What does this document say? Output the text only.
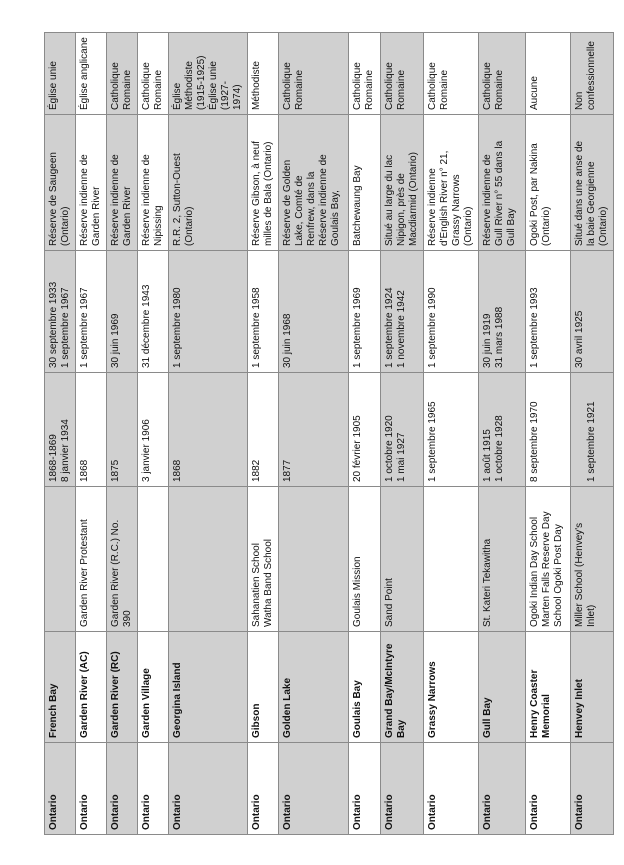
Ontario	French Bay		1868-1869
8 janvier 1934	30 septembre 1933
1 septembre 1967	Réserve de Saugeen
(Ontario)	Église unie
Ontario	Garden River (AC)	Garden River Protestant	1868	1 septembre 1967	Réserve indienne de
Garden River	Église anglicane
Ontario	Garden River (RC)	Garden River (R.C.) No.
390	1875	30 juin 1969	Réserve indienne de
Garden River	Catholique
Romaine
Ontario	Garden Village		3 janvier 1906	31 décembre 1943	Réserve indienne de
Nipissing	Catholique
Romaine
Ontario	Georgina Island		1868	1 septembre 1980	R.R. 2, Sutton-Ouest
(Ontario)	Église Méthodiste
(1915-1925)
Église unie (1927-
1974)
Ontario	Gibson	Sahanatien School
Watha Band School	1882	1 septembre 1958	Réserve Gibson, à neuf
milles de Bala (Ontario)	Méthodiste
Ontario	Golden Lake		1877	30 juin 1968	Réserve de Golden
Lake, Comté de
Renfrew, dans la
Réserve indienne de
Goulais Bay,	Catholique
Romaine
Ontario	Goulais Bay	Goulais Mission	20 février 1905	1 septembre 1969	Batchewaung Bay	Catholique
Romaine
Ontario	Grand Bay/McIntyre
Bay	Sand Point	1 octobre 1920
1 mai 1927	1 septembre 1924
1 novembre 1942	Situé au large du lac
Nipigon, près de
Macdiarmid (Ontario)	Catholique
Romaine
Ontario	Grassy Narrows		1 septembre 1965	1 septembre 1990	Réserve indienne
d'English River n° 21,
Grassy Narrows
(Ontario)	Catholique
Romaine
Ontario	Gull Bay	St. Kateri Tekawitha	1 août 1915
1 octobre 1928	30 juin 1919
31 mars 1988	Réserve indienne de
Gull River n° 55 dans la
Gull Bay	Catholique
Romaine
Ontario	Henry Coaster
Memorial	Ogoki Indian Day School
Marten Falls Reserve Day
School Ogoki Post Day	8 septembre 1970	1 septembre 1993	Ogoki Post, par Nakina
(Ontario)	Aucune
Ontario	Henvey Inlet	Miller School (Henvey's
Inlet)	
1 septembre 1921	30 avril 1925	Situé dans une anse de
la baie Georgienne
(Ontario)	Non
confessionnelle
